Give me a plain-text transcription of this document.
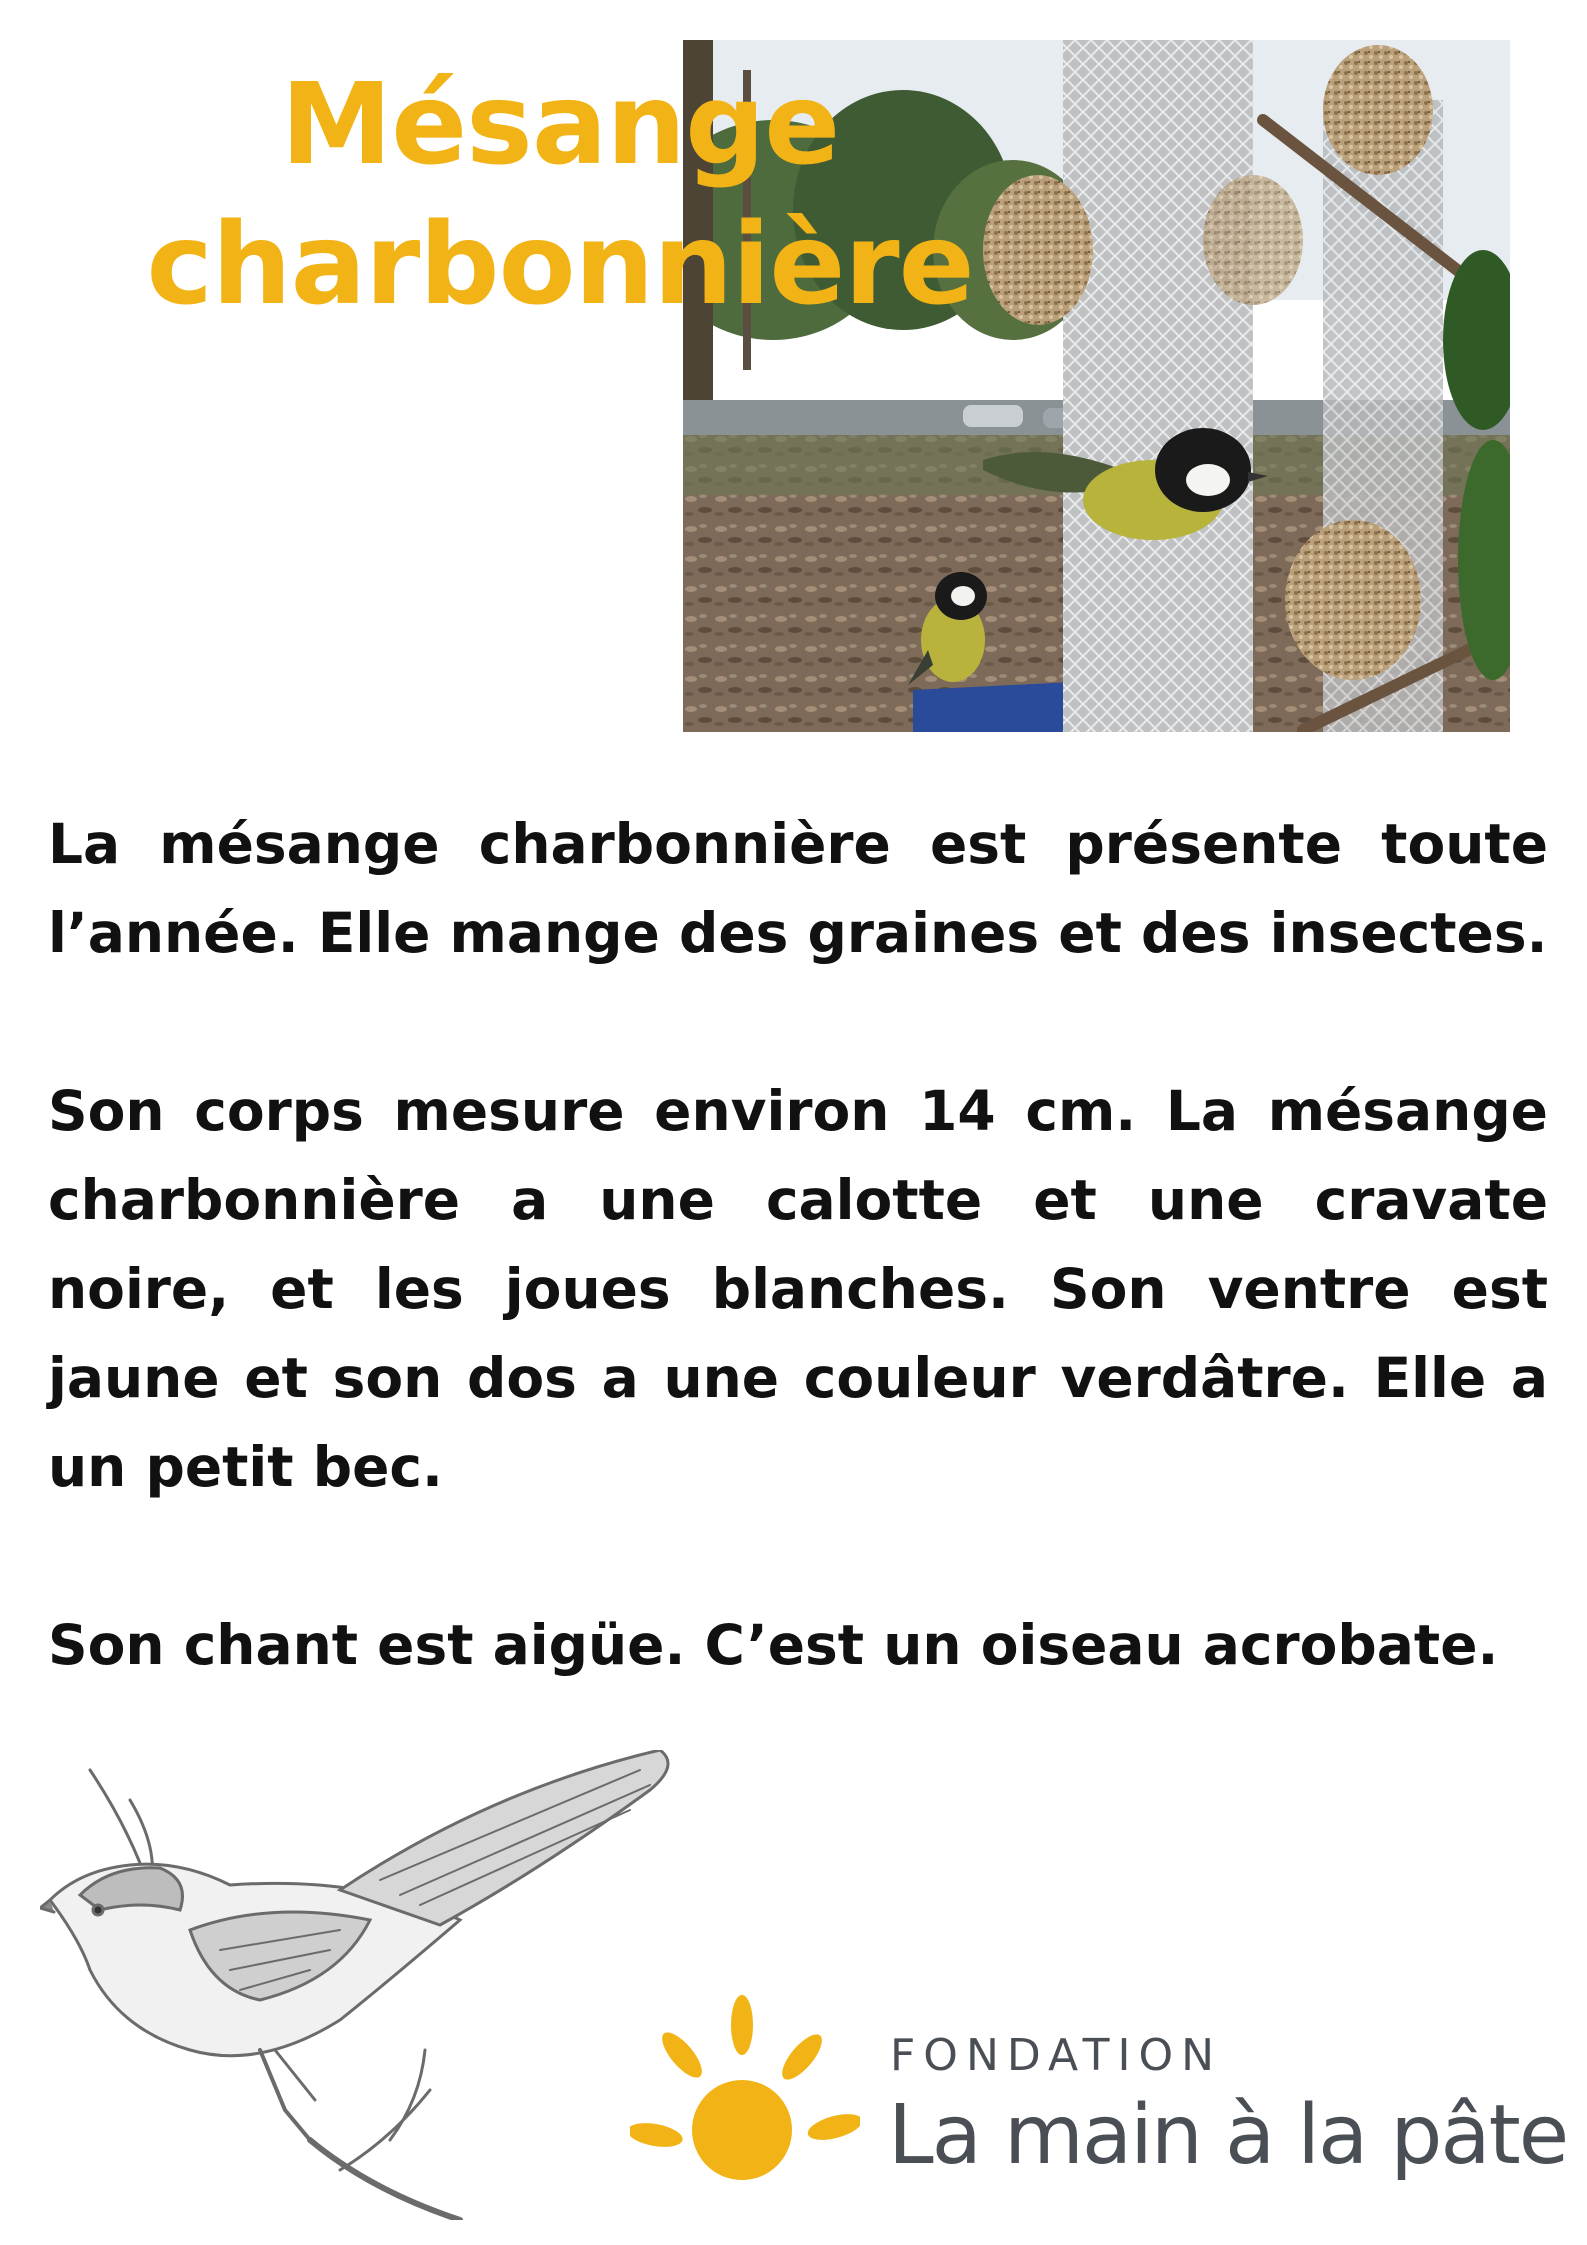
Mésange
charbonnière

La mésange charbonnière est présente toute l’année. Elle mange des graines et des insectes.

Son corps mesure environ 14 cm. La mésange charbonnière a une calotte et une cravate noire, et les joues blanches. Son ventre est jaune et son dos a une couleur verdâtre. Elle a un petit bec.

Son chant est aigüe. C’est un oiseau acrobate.

FONDATION
La main à la pâte
